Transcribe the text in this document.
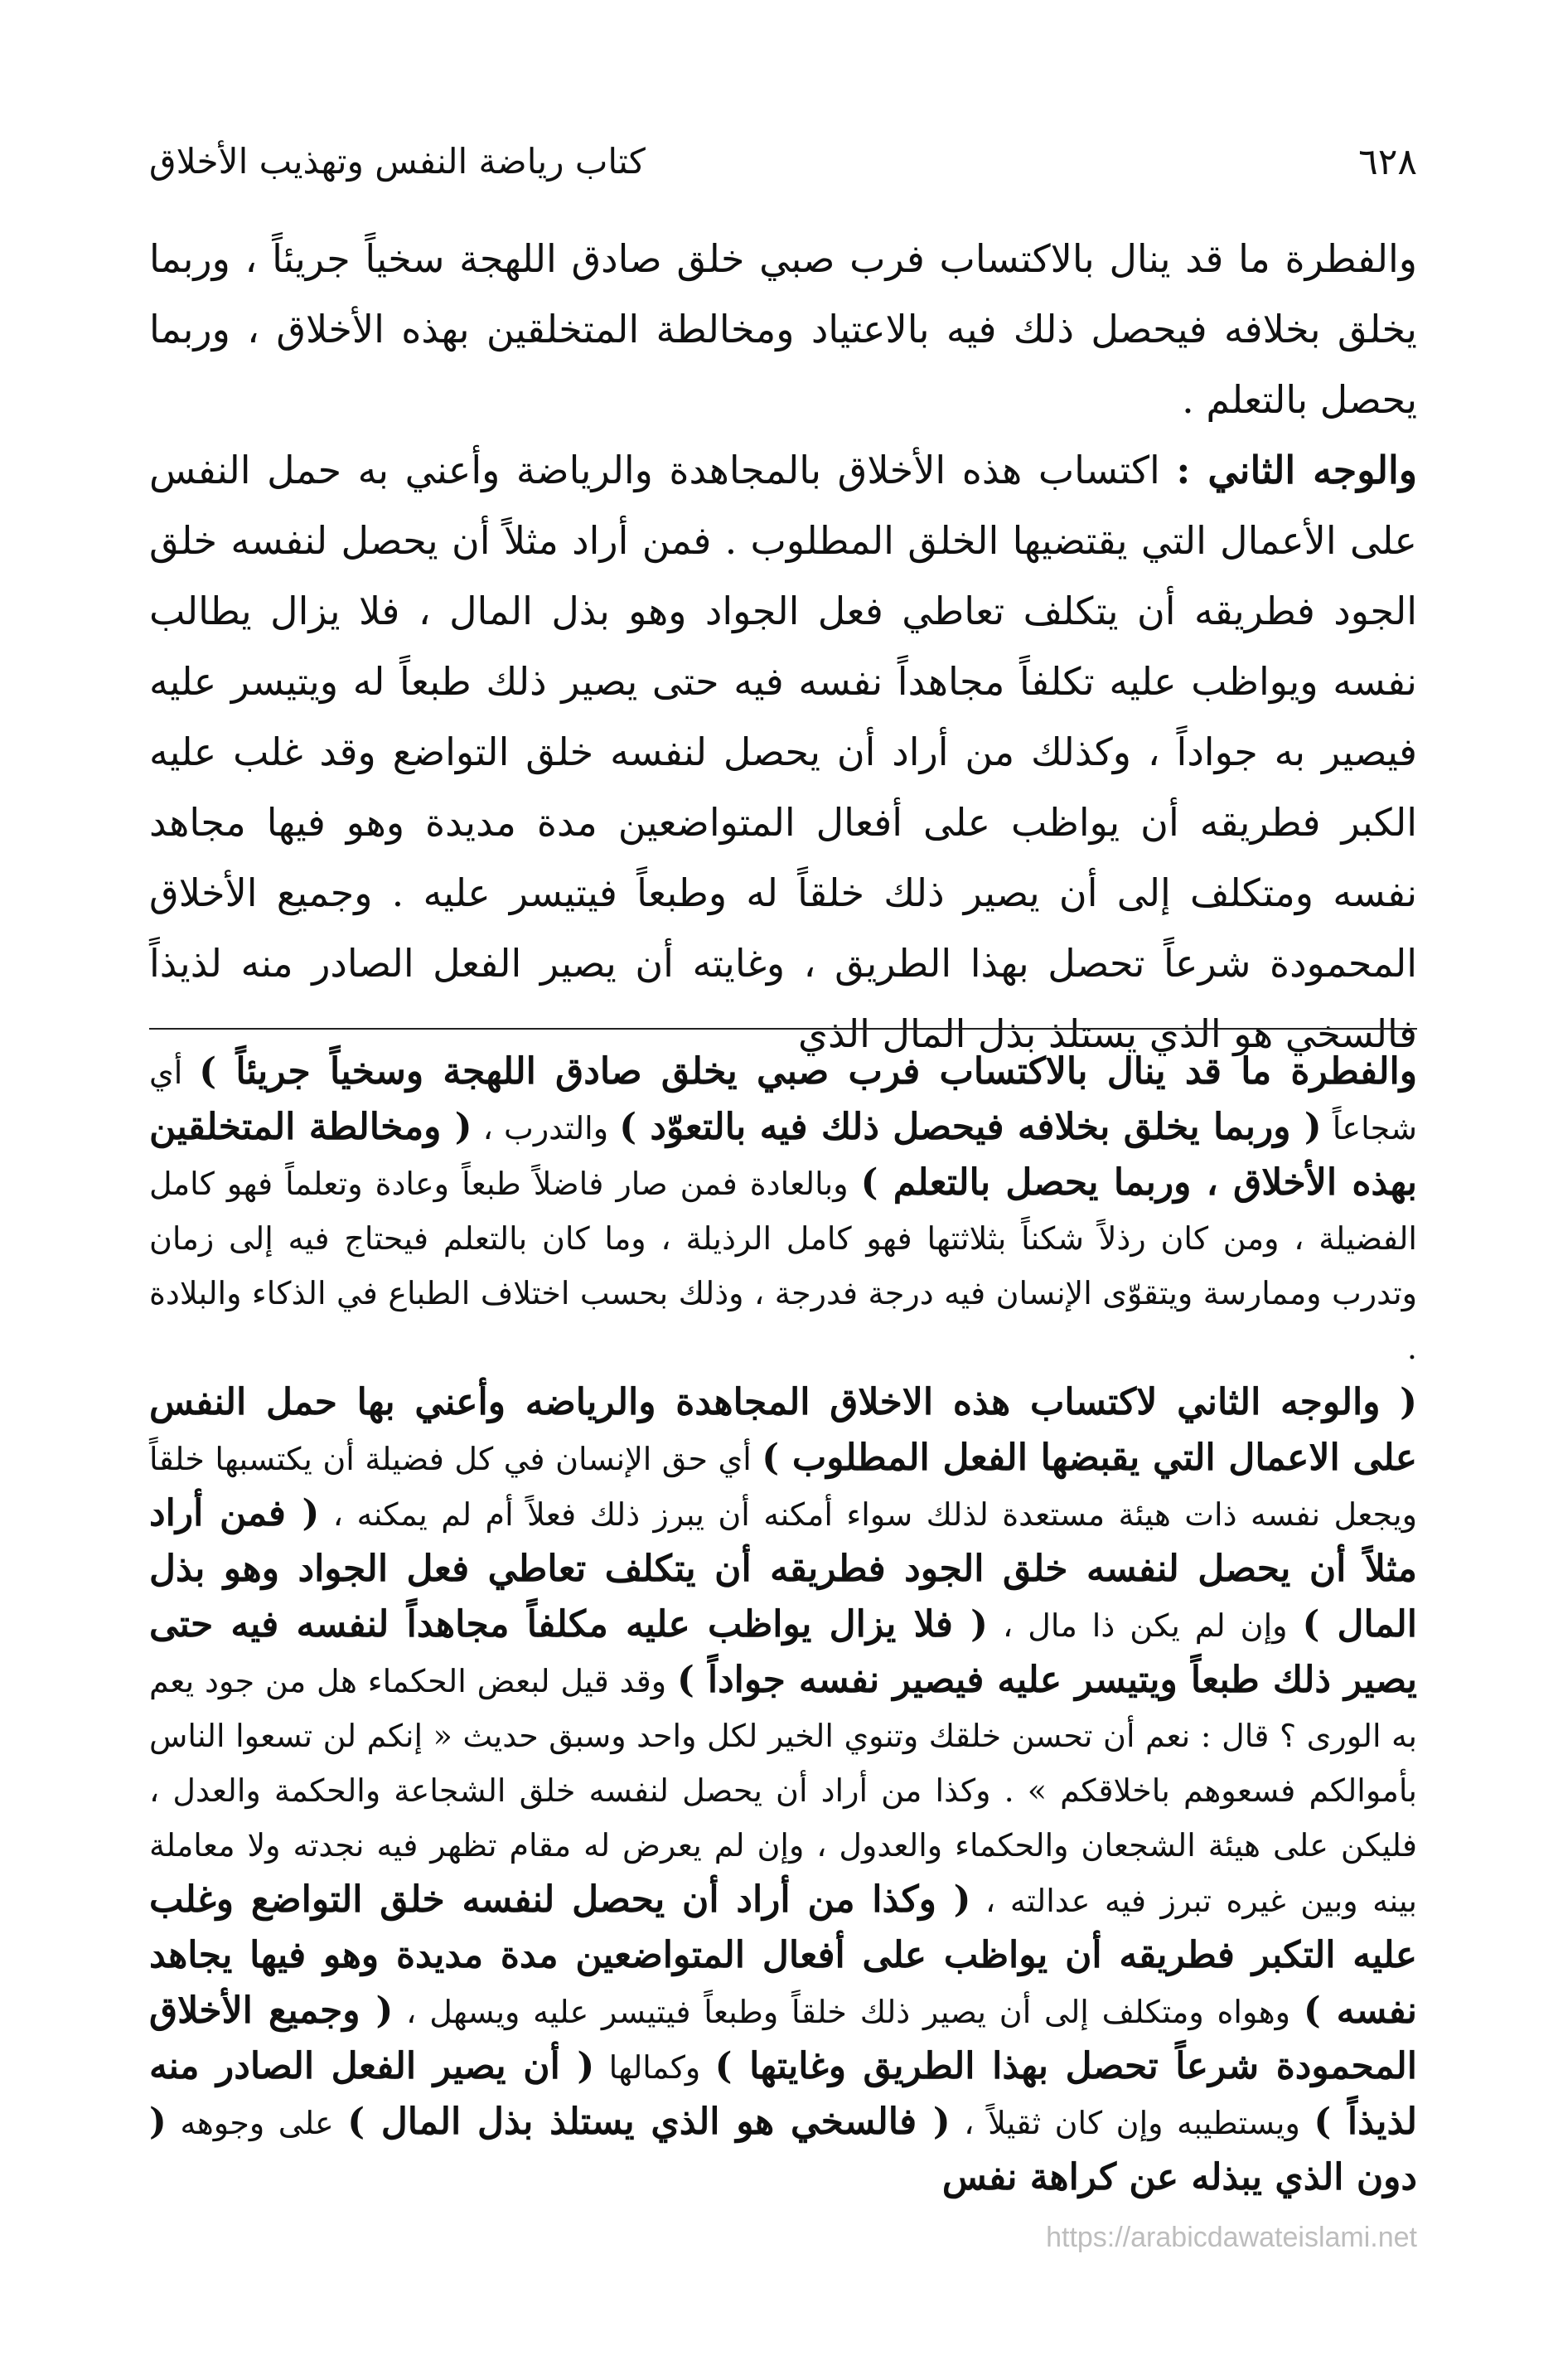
٦٢٨
كتاب رياضة النفس وتهذيب الأخلاق

والفطرة ما قد ينال بالاكتساب فرب صبي خلق صادق اللهجة سخياً جريئاً ، وربما يخلق بخلافه فيحصل ذلك فيه بالاعتياد ومخالطة المتخلقين بهذه الأخلاق ، وربما يحصل بالتعلم .

والوجه الثاني : اكتساب هذه الأخلاق بالمجاهدة والرياضة وأعني به حمل النفس على الأعمال التي يقتضيها الخلق المطلوب . فمن أراد مثلاً أن يحصل لنفسه خلق الجود فطريقه أن يتكلف تعاطي فعل الجواد وهو بذل المال ، فلا يزال يطالب نفسه ويواظب عليه تكلفاً مجاهداً نفسه فيه حتى يصير ذلك طبعاً له ويتيسر عليه فيصير به جواداً ، وكذلك من أراد أن يحصل لنفسه خلق التواضع وقد غلب عليه الكبر فطريقه أن يواظب على أفعال المتواضعين مدة مديدة وهو فيها مجاهد نفسه ومتكلف إلى أن يصير ذلك خلقاً له وطبعاً فيتيسر عليه . وجميع الأخلاق المحمودة شرعاً تحصل بهذا الطريق ، وغايته أن يصير الفعل الصادر منه لذيذاً فالسخي هو الذي يستلذ بذل المال الذي

والفطرة ما قد ينال بالاكتساب فرب صبي يخلق صادق اللهجة وسخياً جريئاً ) أي شجاعاً ( وربما يخلق بخلافه فيحصل ذلك فيه بالتعوّد ) والتدرب ، ( ومخالطة المتخلقين بهذه الأخلاق ، وربما يحصل بالتعلم ) وبالعادة فمن صار فاضلاً طبعاً وعادة وتعلماً فهو كامل الفضيلة ، ومن كان رذلاً شكناً بثلاثتها فهو كامل الرذيلة ، وما كان بالتعلم فيحتاج فيه إلى زمان وتدرب وممارسة ويتقوّى الإنسان فيه درجة فدرجة ، وذلك بحسب اختلاف الطباع في الذكاء والبلادة .

( والوجه الثاني لاكتساب هذه الاخلاق المجاهدة والرياضه وأعني بها حمل النفس على الاعمال التي يقبضها الفعل المطلوب ) أي حق الإنسان في كل فضيلة أن يكتسبها خلقاً ويجعل نفسه ذات هيئة مستعدة لذلك سواء أمكنه أن يبرز ذلك فعلاً أم لم يمكنه ، ( فمن أراد مثلاً أن يحصل لنفسه خلق الجود فطريقه أن يتكلف تعاطي فعل الجواد وهو بذل المال ) وإن لم يكن ذا مال ، ( فلا يزال يواظب عليه مكلفاً مجاهداً لنفسه فيه حتى يصير ذلك طبعاً ويتيسر عليه فيصير نفسه جواداً ) وقد قيل لبعض الحكماء هل من جود يعم به الورى ؟ قال : نعم أن تحسن خلقك وتنوي الخير لكل واحد وسبق حديث « إنكم لن تسعوا الناس بأموالكم فسعوهم باخلاقكم » . وكذا من أراد أن يحصل لنفسه خلق الشجاعة والحكمة والعدل ، فليكن على هيئة الشجعان والحكماء والعدول ، وإن لم يعرض له مقام تظهر فيه نجدته ولا معاملة بينه وبين غيره تبرز فيه عدالته ، ( وكذا من أراد أن يحصل لنفسه خلق التواضع وغلب عليه التكبر فطريقه أن يواظب على أفعال المتواضعين مدة مديدة وهو فيها يجاهد نفسه ) وهواه ومتكلف إلى أن يصير ذلك خلقاً وطبعاً فيتيسر عليه ويسهل ، ( وجميع الأخلاق المحمودة شرعاً تحصل بهذا الطريق وغايتها ) وكمالها ( أن يصير الفعل الصادر منه لذيذاً ) ويستطيبه وإن كان ثقيلاً ، ( فالسخي هو الذي يستلذ بذل المال ) على وجوهه ( دون الذي يبذله عن كراهة نفس

https://arabicdawateislami.net
